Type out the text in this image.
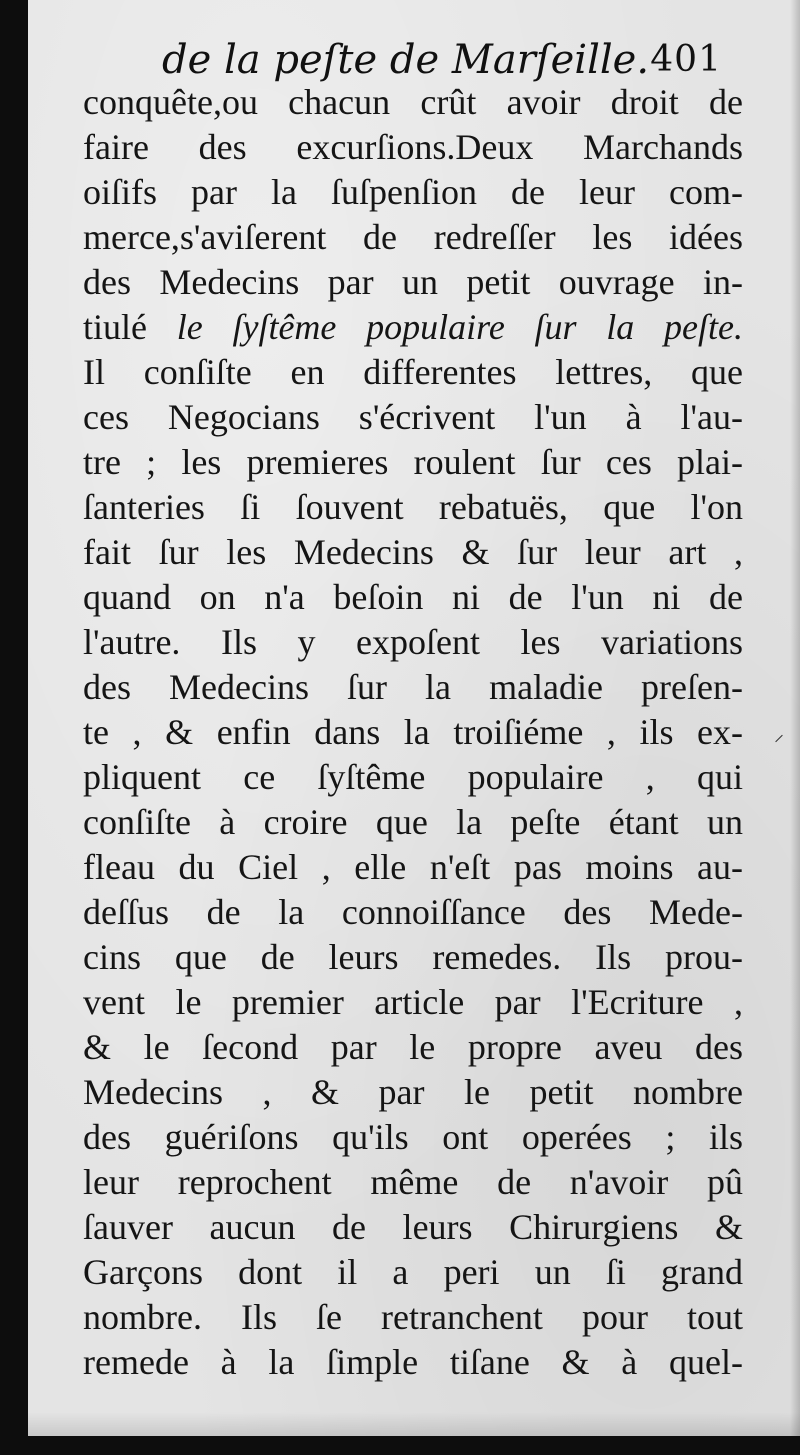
de la peſte de Marſeille. 401
conquête,ou chacun crût avoir droit de
faire des excurſions.Deux Marchands
oiſifs par la ſuſpenſion de leur com-
merce,s'aviſerent de redreſſer les idées
des Medecins par un petit ouvrage in-
tiulé le ſyſtême populaire ſur la peſte.
Il conſiſte en differentes lettres, que
ces Negocians s'écrivent l'un à l'au-
tre ; les premieres roulent ſur ces plai-
ſanteries ſi ſouvent rebatuës, que l'on
fait ſur les Medecins & ſur leur art ,
quand on n'a beſoin ni de l'un ni de
l'autre. Ils y expoſent les variations
des Medecins ſur la maladie preſen-
te , & enfin dans la troiſiéme , ils ex-
pliquent ce ſyſtême populaire , qui
conſiſte à croire que la peſte étant un
fleau du Ciel , elle n'eſt pas moins au-
deſſus de la connoiſſance des Mede-
cins que de leurs remedes. Ils prou-
vent le premier article par l'Ecriture ,
& le ſecond par le propre aveu des
Medecins , & par le petit nombre
des guériſons qu'ils ont operées ; ils
leur reprochent même de n'avoir pû
ſauver aucun de leurs Chirurgiens &
Garçons dont il a peri un ſi grand
nombre. Ils ſe retranchent pour tout
remede à la ſimple tiſane & à quel-
⸍
